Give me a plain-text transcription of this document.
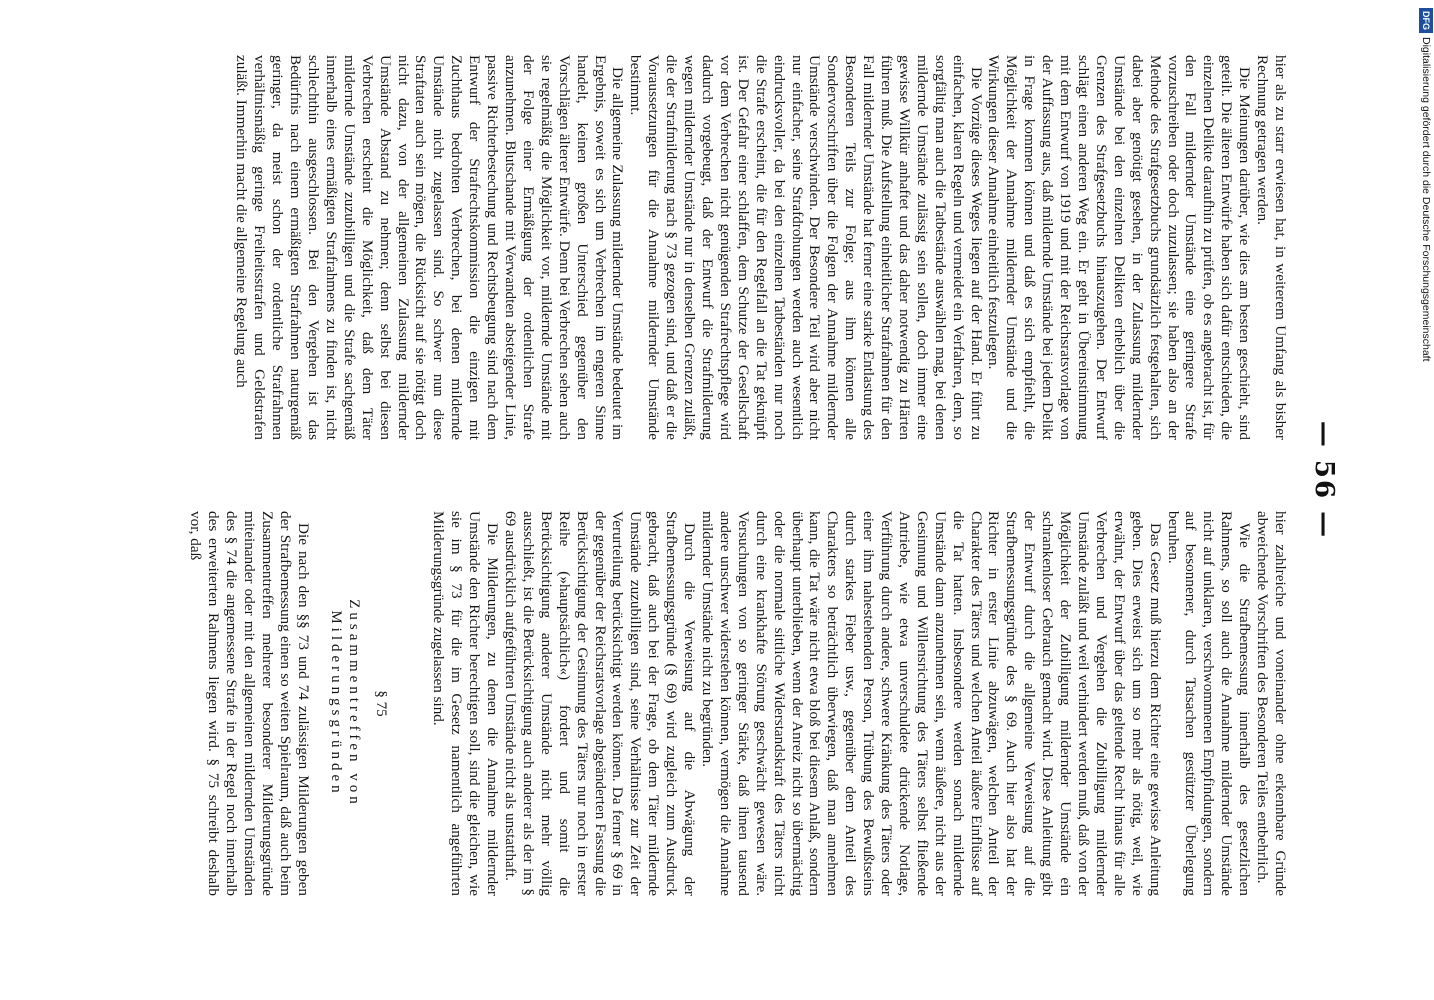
— 56 —

hier als zu starr erwiesen hat, in weiterem Umfang als bisher Rechnung getragen werden.

Die Meinungen darüber, wie dies am besten geschieht, sind geteilt. Die älteren Entwürfe haben sich dafür entschieden, die einzelnen Delikte daraufhin zu prüfen, ob es angebracht ist, für den Fall mildernder Umstände eine geringere Strafe vorzuschreiben oder doch zuzulassen; sie haben also an der Methode des Strafgesetzbuchs grundsätzlich festgehalten, sich dabei aber genötigt gesehen, in der Zulassung mildernder Umstände bei den einzelnen Delikten erheblich über die Grenzen des Strafgesetzbuchs hinauszugehen. Der Entwurf schlägt einen anderen Weg ein. Er geht in Übereinstimmung mit dem Entwurf von 1919 und mit der Reichsratsvorlage von der Auffassung aus, daß mildernde Umstände bei jedem Delikt in Frage kommen können und daß es sich empfiehlt, die Möglichkeit der Annahme mildernder Umstände und die Wirkungen dieser Annahme einheitlich festzulegen.

Die Vorzüge dieses Weges liegen auf der Hand. Er führt zu einfachen, klaren Regeln und vermeidet ein Verfahren, dem, so sorgfältig man auch die Tatbestände auswählen mag, bei denen mildernde Umstände zulässig sein sollen, doch immer eine gewisse Willkür anhaftet und das daher notwendig zu Härten führen muß. Die Aufstellung einheitlicher Strafrahmen für den Fall mildernder Umstände hat ferner eine starke Entlastung des Besonderen Teils zur Folge; aus ihm können alle Sondervorschriften über die Folgen der Annahme mildernder Umstände verschwinden. Der Besondere Teil wird aber nicht nur einfacher, seine Strafdrohungen werden auch wesentlich eindrucksvoller, da bei den einzelnen Tatbeständen nur noch die Strafe erscheint, die für den Regelfall an die Tat geknüpft ist. Der Gefahr einer schlaffen, dem Schutze der Gesellschaft vor dem Verbrechen nicht genügenden Strafrechtspflege wird dadurch vorgebeugt, daß der Entwurf die Strafmilderung wegen mildernder Umstände nur in denselben Grenzen zuläßt, die der Strafmilderung nach § 73 gezogen sind, und daß er die Voraussetzungen für die Annahme mildernder Umstände bestimmt.

Die allgemeine Zulassung mildernder Umstände bedeutet im Ergebnis, soweit es sich um Verbrechen im engeren Sinne handelt, keinen großen Unterschied gegenüber den Vorschlägen älterer Entwürfe. Denn bei Verbrechen sehen auch sie regelmäßig die Möglichkeit vor, mildernde Umstände mit der Folge einer Ermäßigung der ordentlichen Strafe anzunehmen. Blutschande mit Verwandten absteigender Linie, passive Richterbestechung und Rechtsbeugung sind nach dem Entwurf der Strafrechtskommission die einzigen mit Zuchthaus bedrohten Verbrechen, bei denen mildernde Umstände nicht zugelassen sind. So schwer nun diese Straftaten auch sein mögen, die Rücksicht auf sie nötigt doch nicht dazu, von der allgemeinen Zulassung mildernder Umstände Abstand zu nehmen; denn selbst bei diesen Verbrechen erscheint die Möglichkeit, daß dem Täter mildernde Umstände zuzubilligen und die Strafe sachgemäß innerhalb eines ermäßigten Strafrahmens zu finden ist, nicht schlechthin ausgeschlossen. Bei den Vergehen ist das Bedürfnis nach einem ermäßigten Strafrahmen naturgemäß geringer, da meist schon der ordentliche Strafrahmen verhältnismäßig geringe Freiheitsstrafen und Geldstrafen zuläßt. Immerhin macht die allgemeine Regelung auch

hier zahlreiche und voneinander ohne erkennbare Gründe abweichende Vorschriften des Besonderen Teiles entbehrlich.

Wie die Strafbemessung innerhalb des gesetzlichen Rahmens, so soll auch die Annahme mildernder Umstände nicht auf unklaren, verschwommenen Empfindungen, sondern auf besonnener, durch Tatsachen gestützter Überlegung beruhen.

Das Gesetz muß hierzu dem Richter eine gewisse Anleitung geben. Dies erweist sich um so mehr als nötig, weil, wie erwähnt, der Entwurf über das geltende Recht hinaus für alle Verbrechen und Vergehen die Zubilligung mildernder Umstände zuläßt und weil verhindert werden muß, daß von der Möglichkeit der Zubilligung mildernder Umstände ein schrankenloser Gebrauch gemacht wird. Diese Anleitung gibt der Entwurf durch die allgemeine Verweisung auf die Strafbemessungsgründe des § 69. Auch hier also hat der Richter in erster Linie abzuwägen, welchen Anteil der Charakter des Täters und welchen Anteil äußere Einflüsse auf die Tat hatten. Insbesondere werden sonach mildernde Umstände dann anzunehmen sein, wenn äußere, nicht aus der Gesinnung und Willensrichtung des Täters selbst fließende Antriebe, wie etwa unverschuldete drückende Notlage, Verführung durch andere, schwere Kränkung des Täters oder einer ihm nahestehenden Person, Trübung des Bewußtseins durch starkes Fieber usw., gegenüber dem Anteil des Charakters so beträchtlich überwiegen, daß man annehmen kann, die Tat wäre nicht etwa bloß bei diesem Anlaß, sondern überhaupt unterblieben, wenn der Anreiz nicht so übermächtig oder die normale sittliche Widerstandskraft des Täters nicht durch eine krankhafte Störung geschwächt gewesen wäre. Versuchungen von so geringer Stärke, daß ihnen tausend andere unschwer widerstehen können, vermögen die Annahme mildernder Umstände nicht zu begründen.

Durch die Verweisung auf die Abwägung der Strafbemessungsgründe (§ 69) wird zugleich zum Ausdruck gebracht, daß auch bei der Frage, ob dem Täter mildernde Umstände zuzubilligen sind, seine Verhältnisse zur Zeit der Verurteilung berücksichtigt werden können. Da ferner § 69 in der gegenüber der Reichsratsvorlage abgeänderten Fassung die Berücksichtigung der Gesinnung des Täters nur noch in erster Reihe (»hauptsächlich«) fordert und somit die Berücksichtigung anderer Umstände nicht mehr völlig ausschließt, ist die Berücksichtigung auch anderer als der im § 69 ausdrücklich aufgeführten Umstände nicht als unstatthaft.

Die Milderungen, zu denen die Annahme mildernder Umstände den Richter berechtigen soll, sind die gleichen, wie sie im § 73 für die im Gesetz namentlich angeführten Milderungsgründe zugelassen sind.

§ 75
Zusammentreffen von Milderungsgründen

Die nach den §§ 73 und 74 zulässigen Milderungen geben der Strafbemessung einen so weiten Spielraum, daß auch beim Zusammentreffen mehrerer besonderer Milderungsgründe miteinander oder mit den allgemeinen mildernden Umständen des § 74 die angemessene Strafe in der Regel noch innerhalb des erweiterten Rahmens liegen wird. § 75 schreibt deshalb vor, daß

DFG
Digitalisierung gefördert durch die Deutsche Forschungsgemeinschaft
